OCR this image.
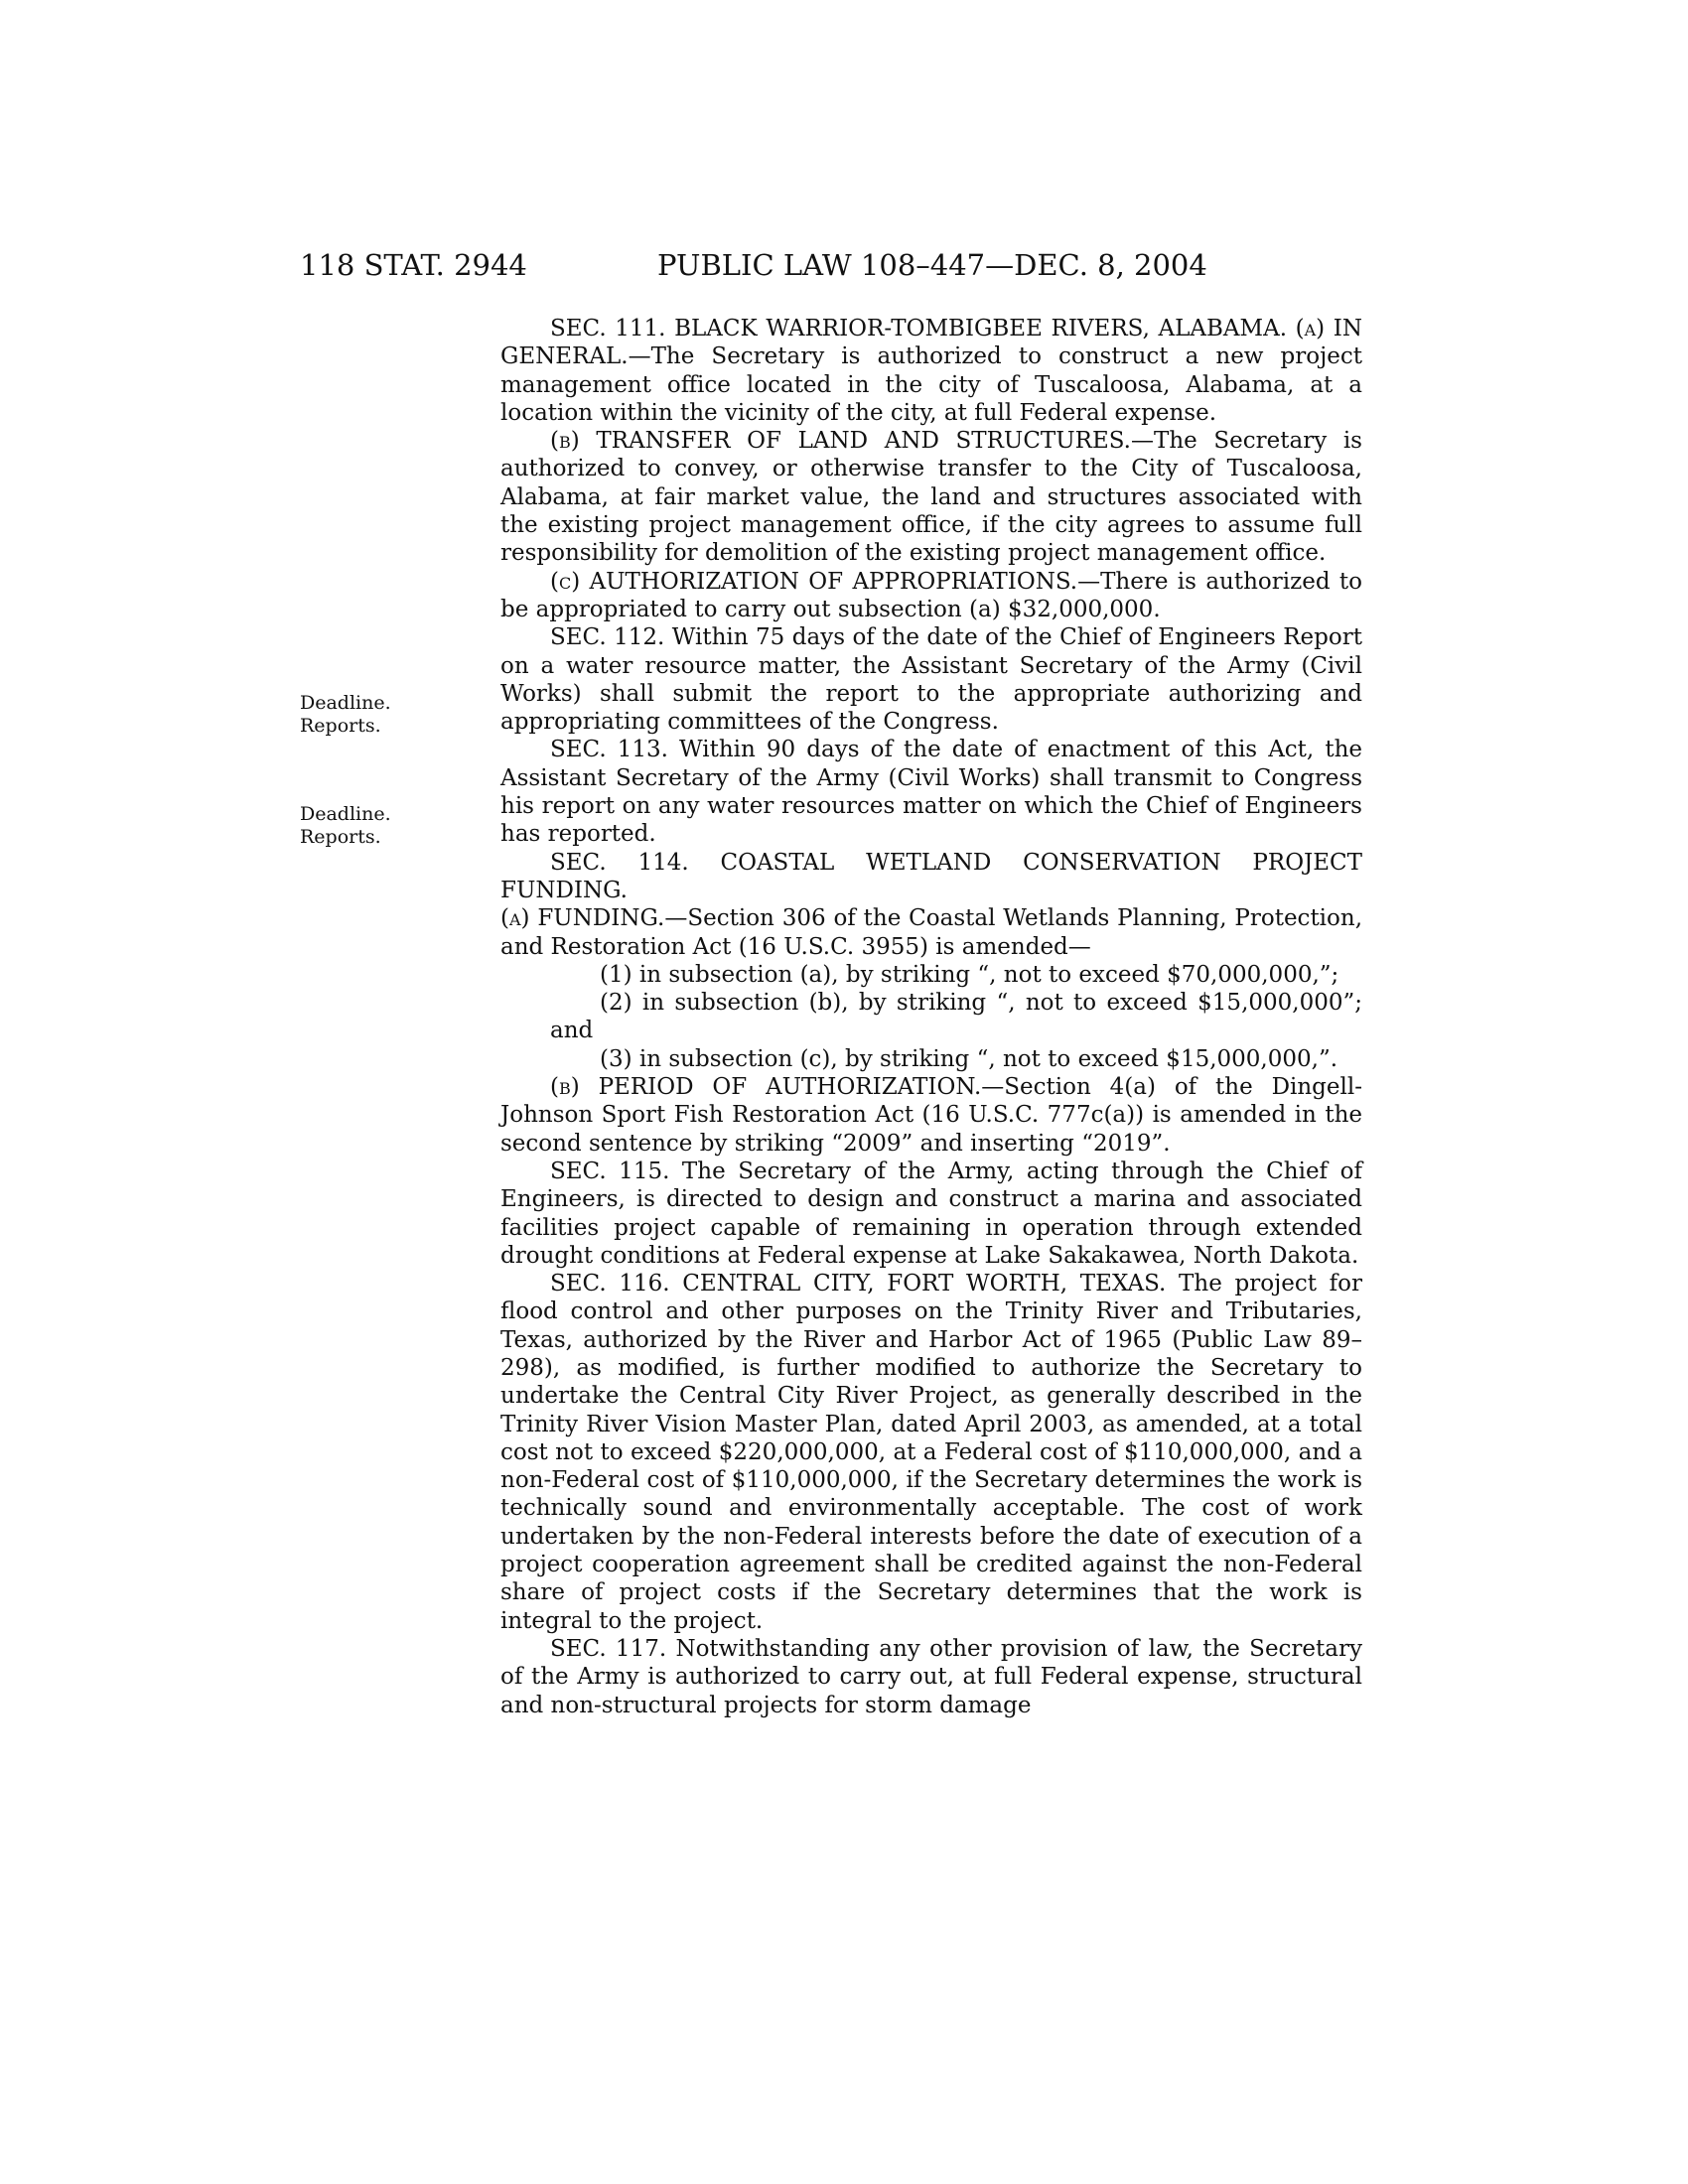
118 STAT. 2944	PUBLIC LAW 108–447—DEC. 8, 2004
Deadline.
Reports.
Deadline.
Reports.

SEC. 111. BLACK WARRIOR-TOMBIGBEE RIVERS, ALABAMA. (a) IN GENERAL.—The Secretary is authorized to construct a new project management office located in the city of Tuscaloosa, Alabama, at a location within the vicinity of the city, at full Federal expense.

(b) TRANSFER OF LAND AND STRUCTURES.—The Secretary is authorized to convey, or otherwise transfer to the City of Tuscaloosa, Alabama, at fair market value, the land and structures associated with the existing project management office, if the city agrees to assume full responsibility for demolition of the existing project management office.

(c) AUTHORIZATION OF APPROPRIATIONS.—There is authorized to be appropriated to carry out subsection (a) $32,000,000.

SEC. 112. Within 75 days of the date of the Chief of Engineers Report on a water resource matter, the Assistant Secretary of the Army (Civil Works) shall submit the report to the appropriate authorizing and appropriating committees of the Congress.

SEC. 113. Within 90 days of the date of enactment of this Act, the Assistant Secretary of the Army (Civil Works) shall transmit to Congress his report on any water resources matter on which the Chief of Engineers has reported.

SEC. 114. COASTAL WETLAND CONSERVATION PROJECT FUNDING.

(a) FUNDING.—Section 306 of the Coastal Wetlands Planning, Protection, and Restoration Act (16 U.S.C. 3955) is amended—

(1) in subsection (a), by striking “, not to exceed $70,000,000,”;

(2) in subsection (b), by striking “, not to exceed $15,000,000”; and

(3) in subsection (c), by striking “, not to exceed $15,000,000,”.

(b) PERIOD OF AUTHORIZATION.—Section 4(a) of the Dingell-Johnson Sport Fish Restoration Act (16 U.S.C. 777c(a)) is amended in the second sentence by striking “2009” and inserting “2019”.

SEC. 115. The Secretary of the Army, acting through the Chief of Engineers, is directed to design and construct a marina and associated facilities project capable of remaining in operation through extended drought conditions at Federal expense at Lake Sakakawea, North Dakota.

SEC. 116. CENTRAL CITY, FORT WORTH, TEXAS. The project for flood control and other purposes on the Trinity River and Tributaries, Texas, authorized by the River and Harbor Act of 1965 (Public Law 89–298), as modified, is further modified to authorize the Secretary to undertake the Central City River Project, as generally described in the Trinity River Vision Master Plan, dated April 2003, as amended, at a total cost not to exceed $220,000,000, at a Federal cost of $110,000,000, and a non-Federal cost of $110,000,000, if the Secretary determines the work is technically sound and environmentally acceptable. The cost of work undertaken by the non-Federal interests before the date of execution of a project cooperation agreement shall be credited against the non-Federal share of project costs if the Secretary determines that the work is integral to the project.

SEC. 117. Notwithstanding any other provision of law, the Secretary of the Army is authorized to carry out, at full Federal expense, structural and non-structural projects for storm damage
